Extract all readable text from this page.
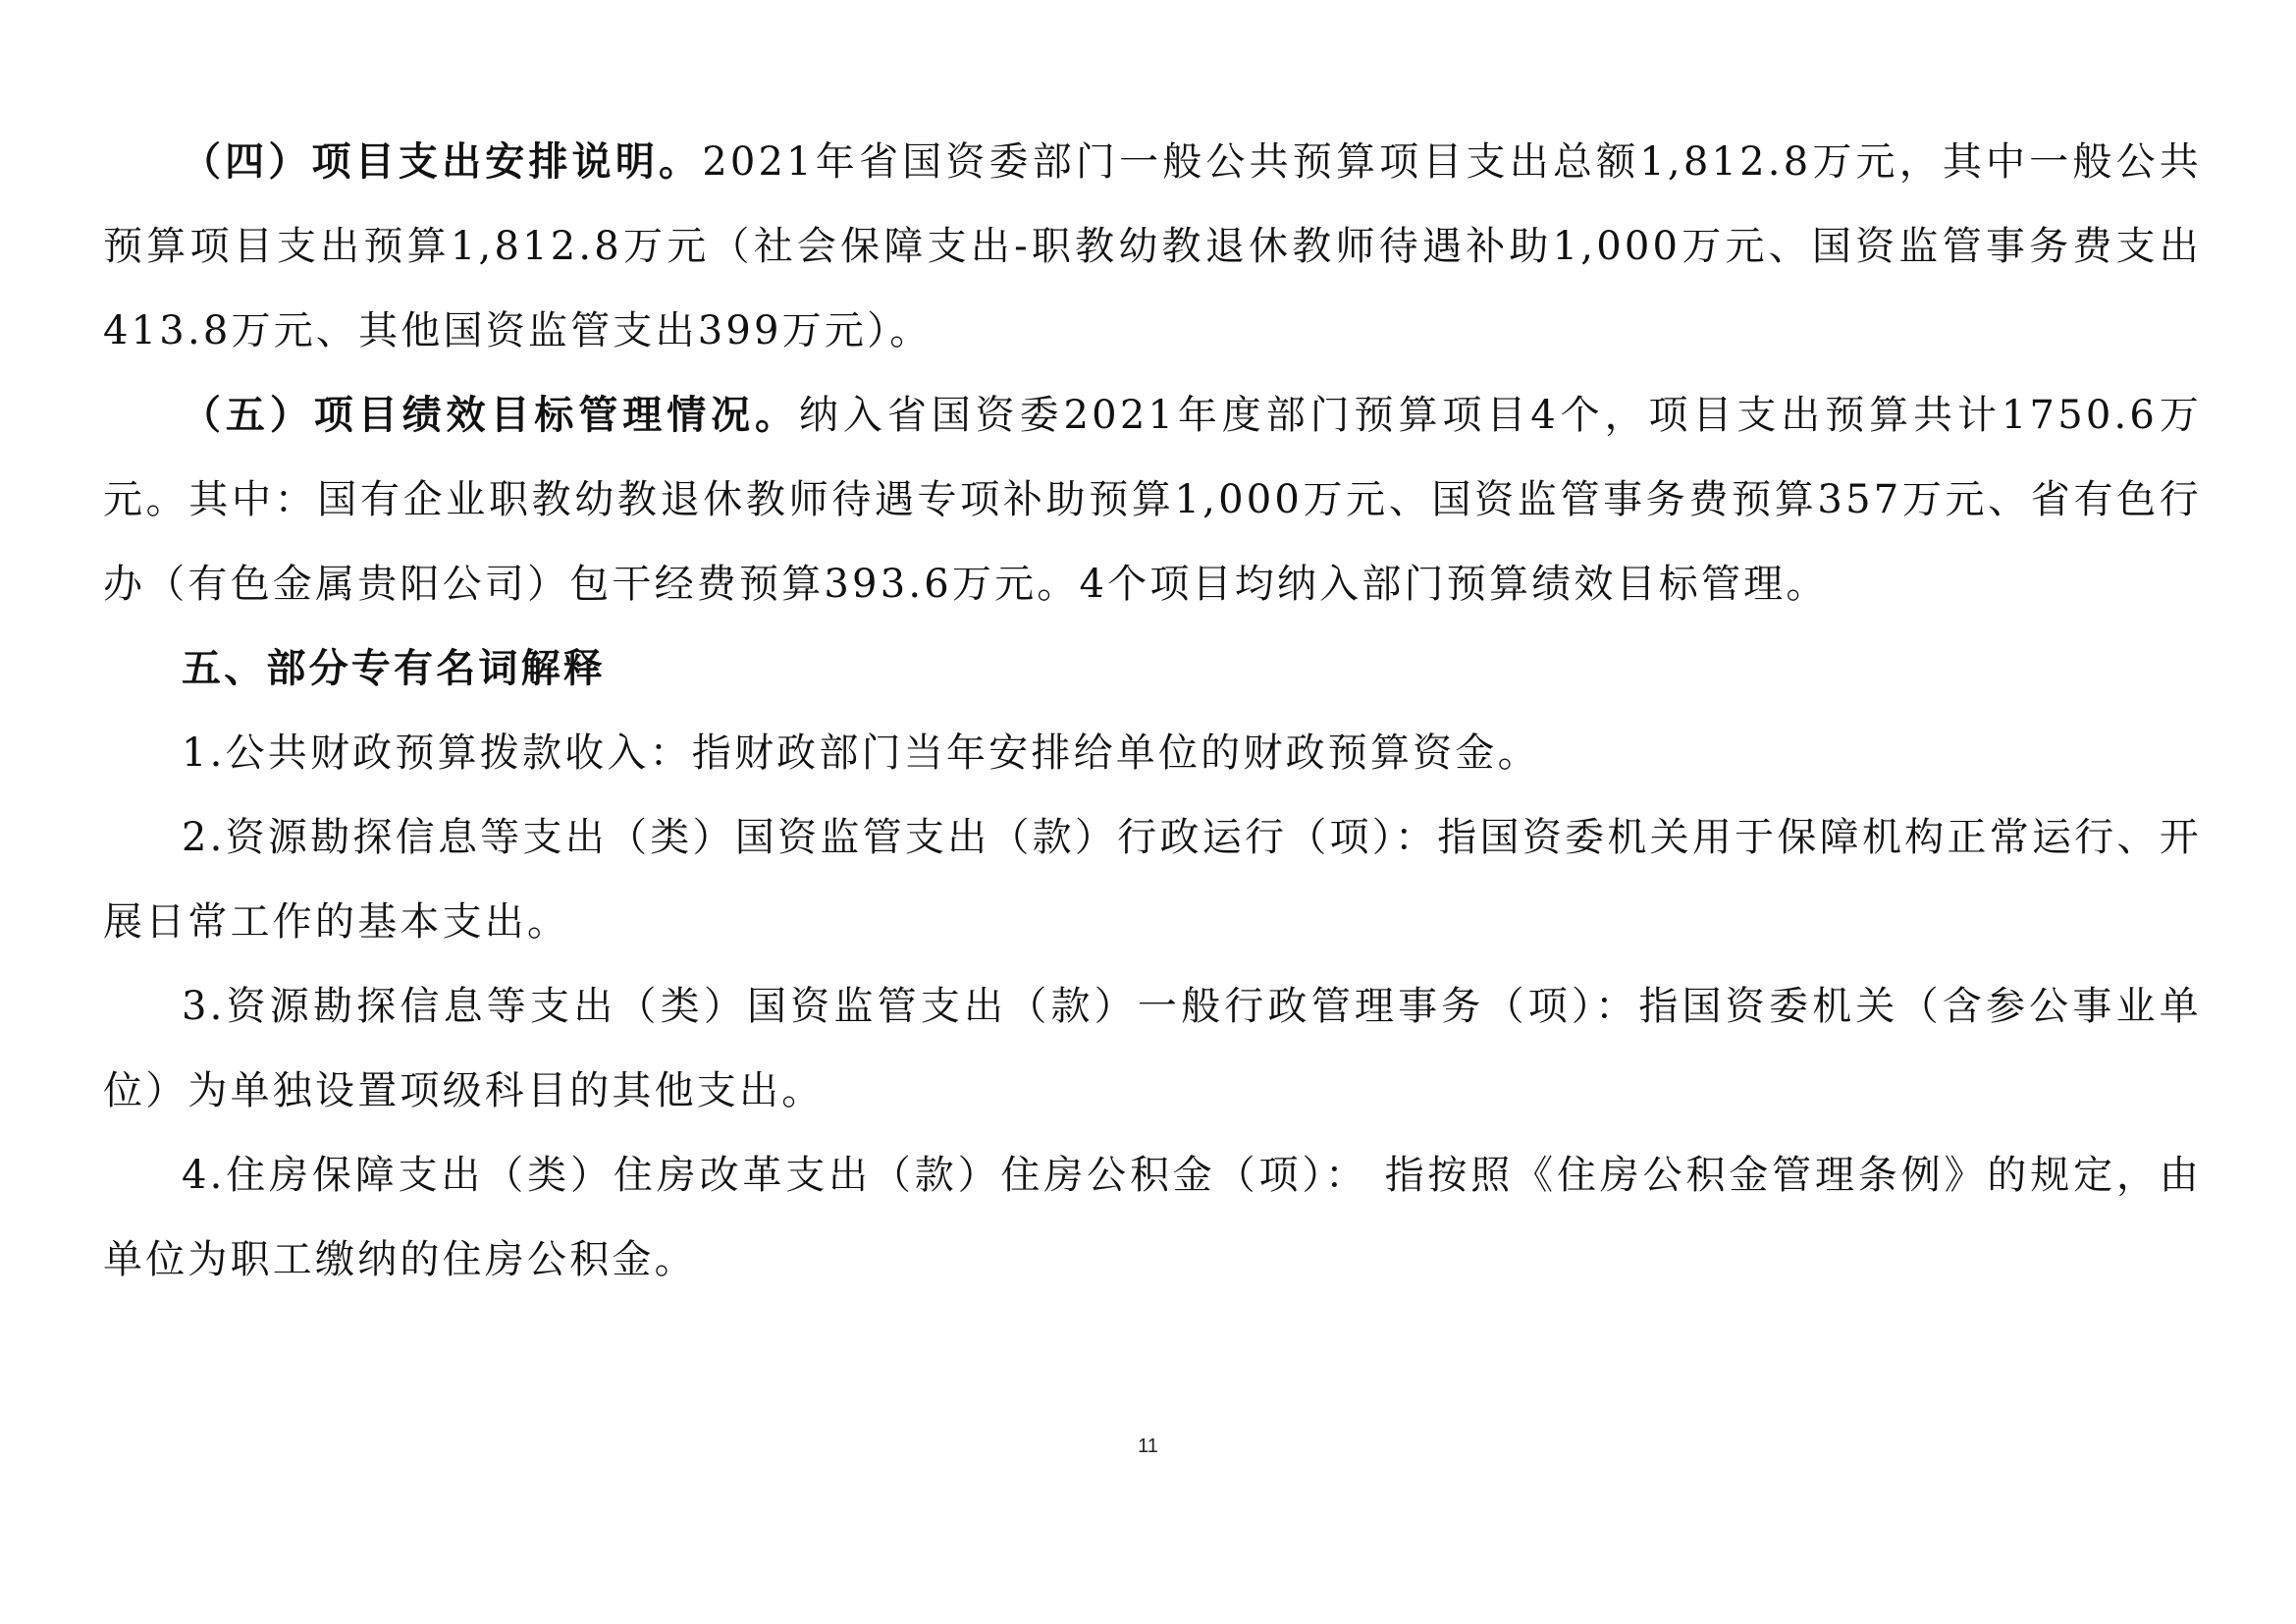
（四）项目支出安排说明。2021年省国资委部门一般公共预算项目支出总额1,812.8万元，其中一般公共预算项目支出预算1,812.8万元（社会保障支出-职教幼教退休教师待遇补助1,000万元、国资监管事务费支出413.8万元、其他国资监管支出399万元）。

（五）项目绩效目标管理情况。纳入省国资委2021年度部门预算项目4个，项目支出预算共计1750.6万元。其中：国有企业职教幼教退休教师待遇专项补助预算1,000万元、国资监管事务费预算357万元、省有色行办（有色金属贵阳公司）包干经费预算393.6万元。4个项目均纳入部门预算绩效目标管理。

五、部分专有名词解释

1.公共财政预算拨款收入：指财政部门当年安排给单位的财政预算资金。

2.资源勘探信息等支出（类）国资监管支出（款）行政运行（项）：指国资委机关用于保障机构正常运行、开展日常工作的基本支出。

3.资源勘探信息等支出（类）国资监管支出（款）一般行政管理事务（项）：指国资委机关（含参公事业单位）为单独设置项级科目的其他支出。

4.住房保障支出（类）住房改革支出（款）住房公积金（项）： 指按照《住房公积金管理条例》的规定，由单位为职工缴纳的住房公积金。

11
